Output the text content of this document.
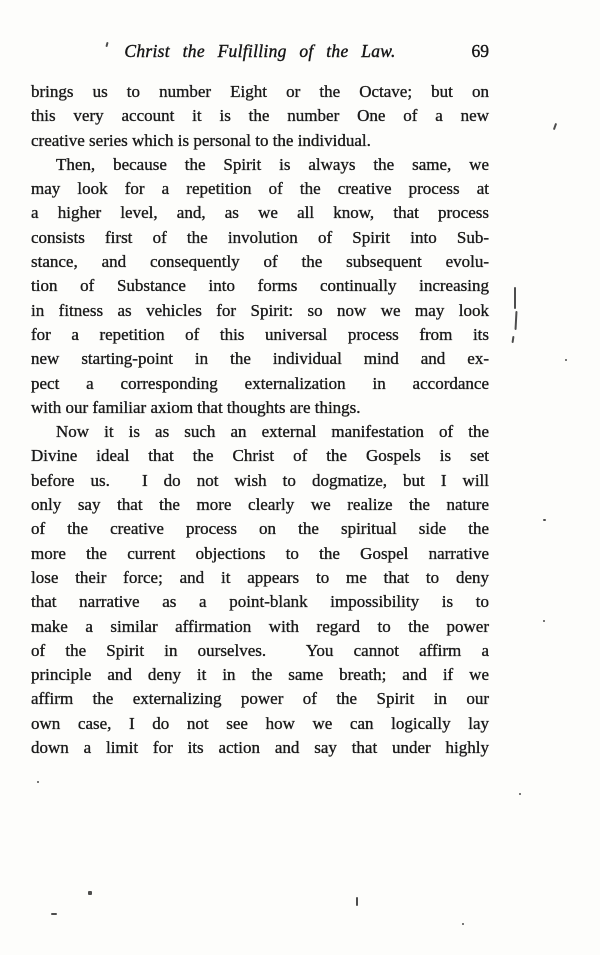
Christ the Fulfilling of the Law.	69
brings us to number Eight or the Octave; but on
this very account it is the number One of a new
creative series which is personal to the individual.
Then, because the Spirit is always the same, we
may look for a repetition of the creative process at
a higher level, and, as we all know, that process
consists first of the involution of Spirit into Sub-
stance, and consequently of the subsequent evolu-
tion of Substance into forms continually increasing
in fitness as vehicles for Spirit: so now we may look
for a repetition of this universal process from its
new starting-point in the individual mind and ex-
pect a corresponding externalization in accordance
with our familiar axiom that thoughts are things.
Now it is as such an external manifestation of the
Divine ideal that the Christ of the Gospels is set
before us.  I do not wish to dogmatize, but I will
only say that the more clearly we realize the nature
of the creative process on the spiritual side the
more the current objections to the Gospel narrative
lose their force; and it appears to me that to deny
that narrative as a point-blank impossibility is to
make a similar affirmation with regard to the power
of the Spirit in ourselves.  You cannot affirm a
principle and deny it in the same breath; and if we
affirm the externalizing power of the Spirit in our
own case, I do not see how we can logically lay
down a limit for its action and say that under highly
